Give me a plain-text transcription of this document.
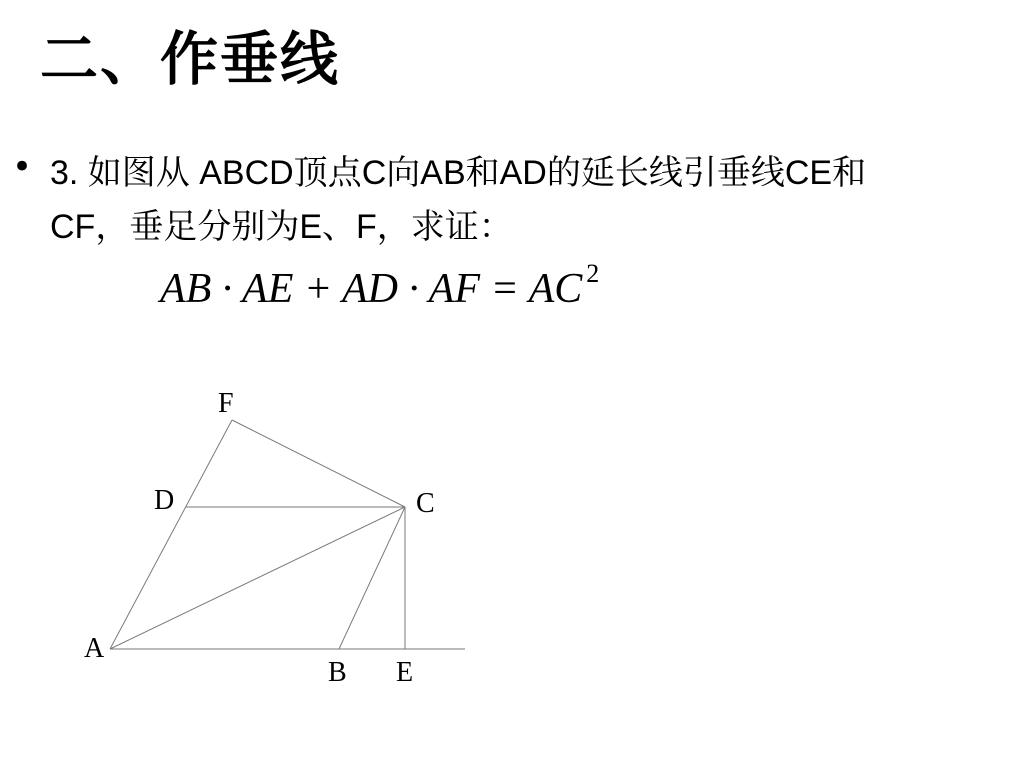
二、作垂线
• 3. 如图从 ABCD顶点C向AB和AD的延长线引垂线CE和CF，垂足分别为E、F，求证：
AB · AE + AD · AF = AC $^2$
F
D	C
A
B E
